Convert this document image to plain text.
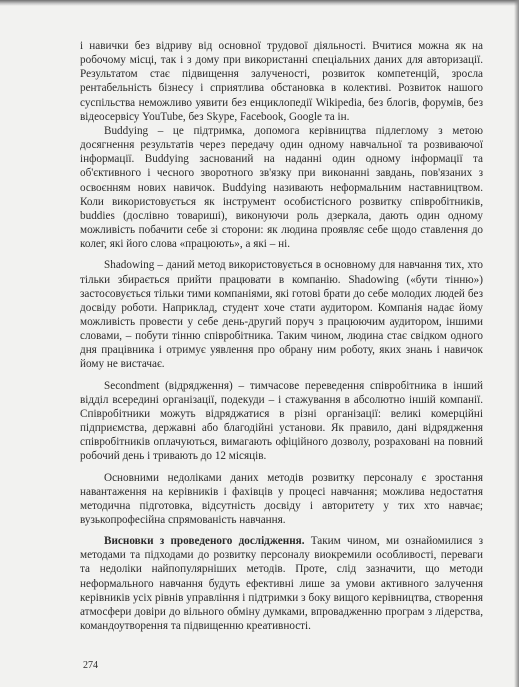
і навички без відриву від основної трудової діяльності. Вчитися можна як на робочому місці, так і з дому при використанні спеціальних даних для авторизації. Результатом стає підвищення залученості, розвиток компетенцій, зросла рентабельність бізнесу і сприятлива обстановка в колективі. Розвиток нашого суспільства неможливо уявити без енциклопедії Wikipedia, без блогів, форумів, без відеосервісу YouTube, без Skype, Facebook, Google та ін.

Buddying – це підтримка, допомога керівництва підлеглому з метою досягнення результатів через передачу один одному навчальної та розвиваючої інформації. Buddying заснований на наданні один одному інформації та об'єктивного і чесного зворотного зв'язку при виконанні завдань, пов'язаних з освоєнням нових навичок. Buddying називають неформальним наставництвом. Коли використовується як інструмент особистісного розвитку співробітників, buddies (дослівно товариші), виконуючи роль дзеркала, дають один одному можливість побачити себе зі сторони: як людина проявляє себе щодо ставлення до колег, які його слова «працюють», а які – ні.

Shadowing – даний метод використовується в основному для навчання тих, хто тільки збирається прийти працювати в компанію. Shadowing («бути тінню») застосовується тільки тими компаніями, які готові брати до себе молодих людей без досвіду роботи. Наприклад, студент хоче стати аудитором. Компанія надає йому можливість провести у себе день-другий поруч з працюючим аудитором, іншими словами, – побути тінню співробітника. Таким чином, людина стає свідком одного дня працівника і отримує уявлення про обрану ним роботу, яких знань і навичок йому не вистачає.

Secondment (відрядження) – тимчасове переведення співробітника в інший відділ всередині організації, подекуди – і стажування в абсолютно іншій компанії. Співробітники можуть відряджатися в різні організації: великі комерційні підприємства, державні або благодійні установи. Як правило, дані відрядження співробітників оплачуються, вимагають офіційного дозволу, розраховані на повний робочий день і тривають до 12 місяців.

Основними недоліками даних методів розвитку персоналу є зростання навантаження на керівників і фахівців у процесі навчання; можлива недостатня методична підготовка, відсутність досвіду і авторитету у тих хто навчає; вузькопрофесійна спрямованість навчання.

Висновки з проведеного дослідження. Таким чином, ми ознайомилися з методами та підходами до розвитку персоналу виокремили особливості, переваги та недоліки найпопулярніших методів. Проте, слід зазначити, що методи неформального навчання будуть ефективні лише за умови активного залучення керівників усіх рівнів управління і підтримки з боку вищого керівництва, створення атмосфери довіри до вільного обміну думками, впровадженню програм з лідерства, командоутворення та підвищенню креативності.

274
